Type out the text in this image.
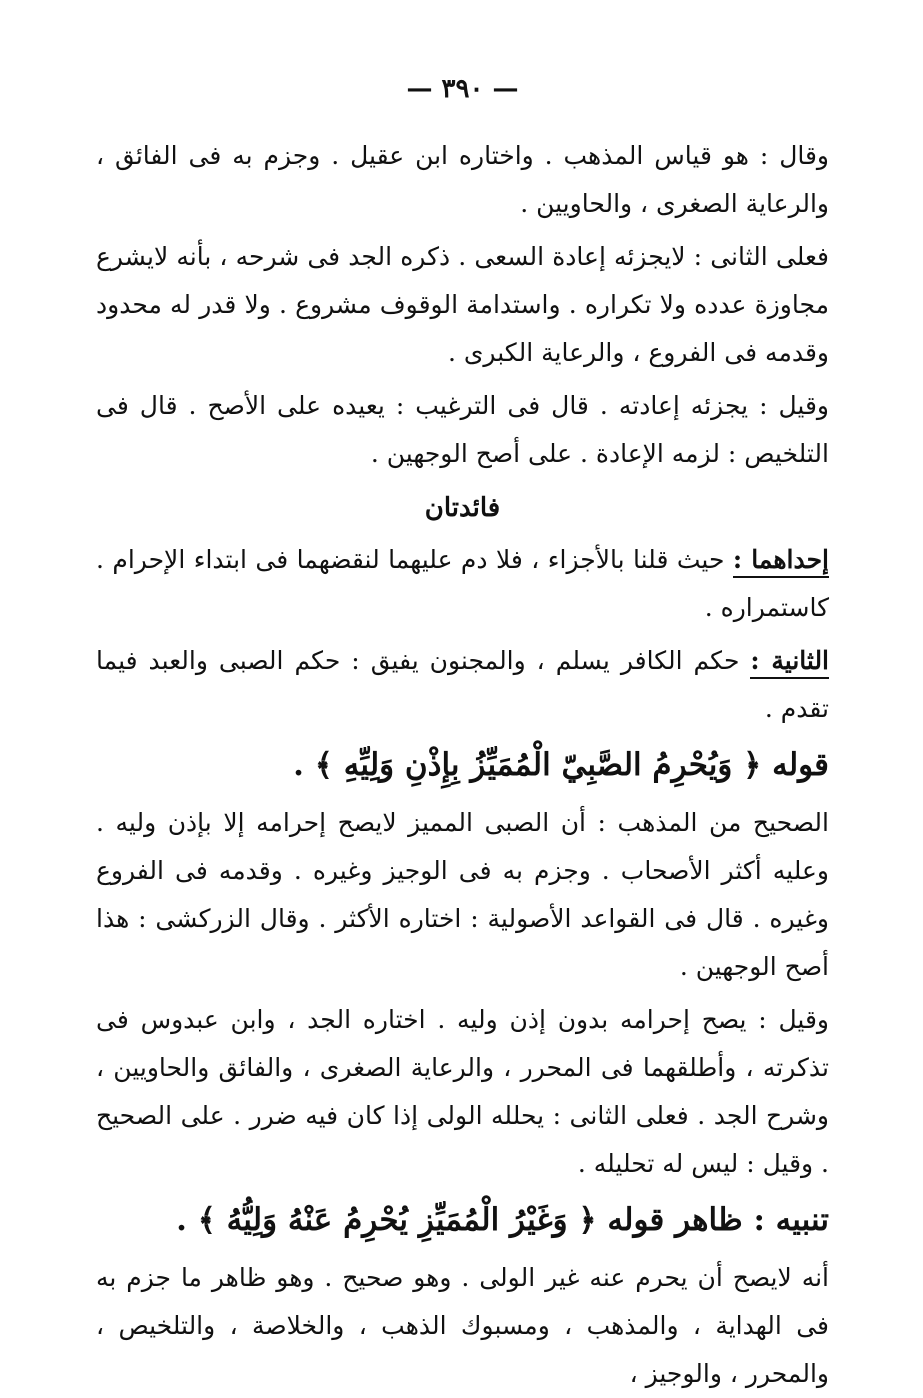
— ٣٩٠ —

وقال : هو قياس المذهب . واختاره ابن عقيل . وجزم به فى الفائق ، والرعاية الصغرى ، والحاويين .

فعلى الثانى : لايجزئه إعادة السعى . ذكره الجد فى شرحه ، بأنه لايشرع مجاوزة عدده ولا تكراره . واستدامة الوقوف مشروع . ولا قدر له محدود وقدمه فى الفروع ، والرعاية الكبرى .

وقيل : يجزئه إعادته . قال فى الترغيب : يعيده على الأصح . قال فى التلخيص : لزمه الإعادة . على أصح الوجهين .

فائدتان

إحداهما : حيث قلنا بالأجزاء ، فلا دم عليهما لنقضهما فى ابتداء الإحرام . كاستمراره .

الثانية : حكم الكافر يسلم ، والمجنون يفيق : حكم الصبى والعبد فيما تقدم .

قوله ﴿ وَيُحْرِمُ الصَّبِيّ الْمُمَيِّزُ بِإِذْنِ وَلِيِّهِ ﴾ .

الصحيح من المذهب : أن الصبى المميز لايصح إحرامه إلا بإذن وليه . وعليه أكثر الأصحاب . وجزم به فى الوجيز وغيره . وقدمه فى الفروع وغيره . قال فى القواعد الأصولية : اختاره الأكثر . وقال الزركشى : هذا أصح الوجهين .

وقيل : يصح إحرامه بدون إذن وليه . اختاره الجد ، وابن عبدوس فى تذكرته ، وأطلقهما فى المحرر ، والرعاية الصغرى ، والفائق والحاويين ، وشرح الجد . فعلى الثانى : يحلله الولى إذا كان فيه ضرر . على الصحيح . وقيل : ليس له تحليله .

تنبيه : ظاهر قوله ﴿ وَغَيْرُ الْمُمَيِّزِ يُحْرِمُ عَنْهُ وَلِيُّهُ ﴾ .

أنه لايصح أن يحرم عنه غير الولى . وهو صحيح . وهو ظاهر ما جزم به فى الهداية ، والمذهب ، ومسبوك الذهب ، والخلاصة ، والتلخيص ، والمحرر ، والوجيز ،
